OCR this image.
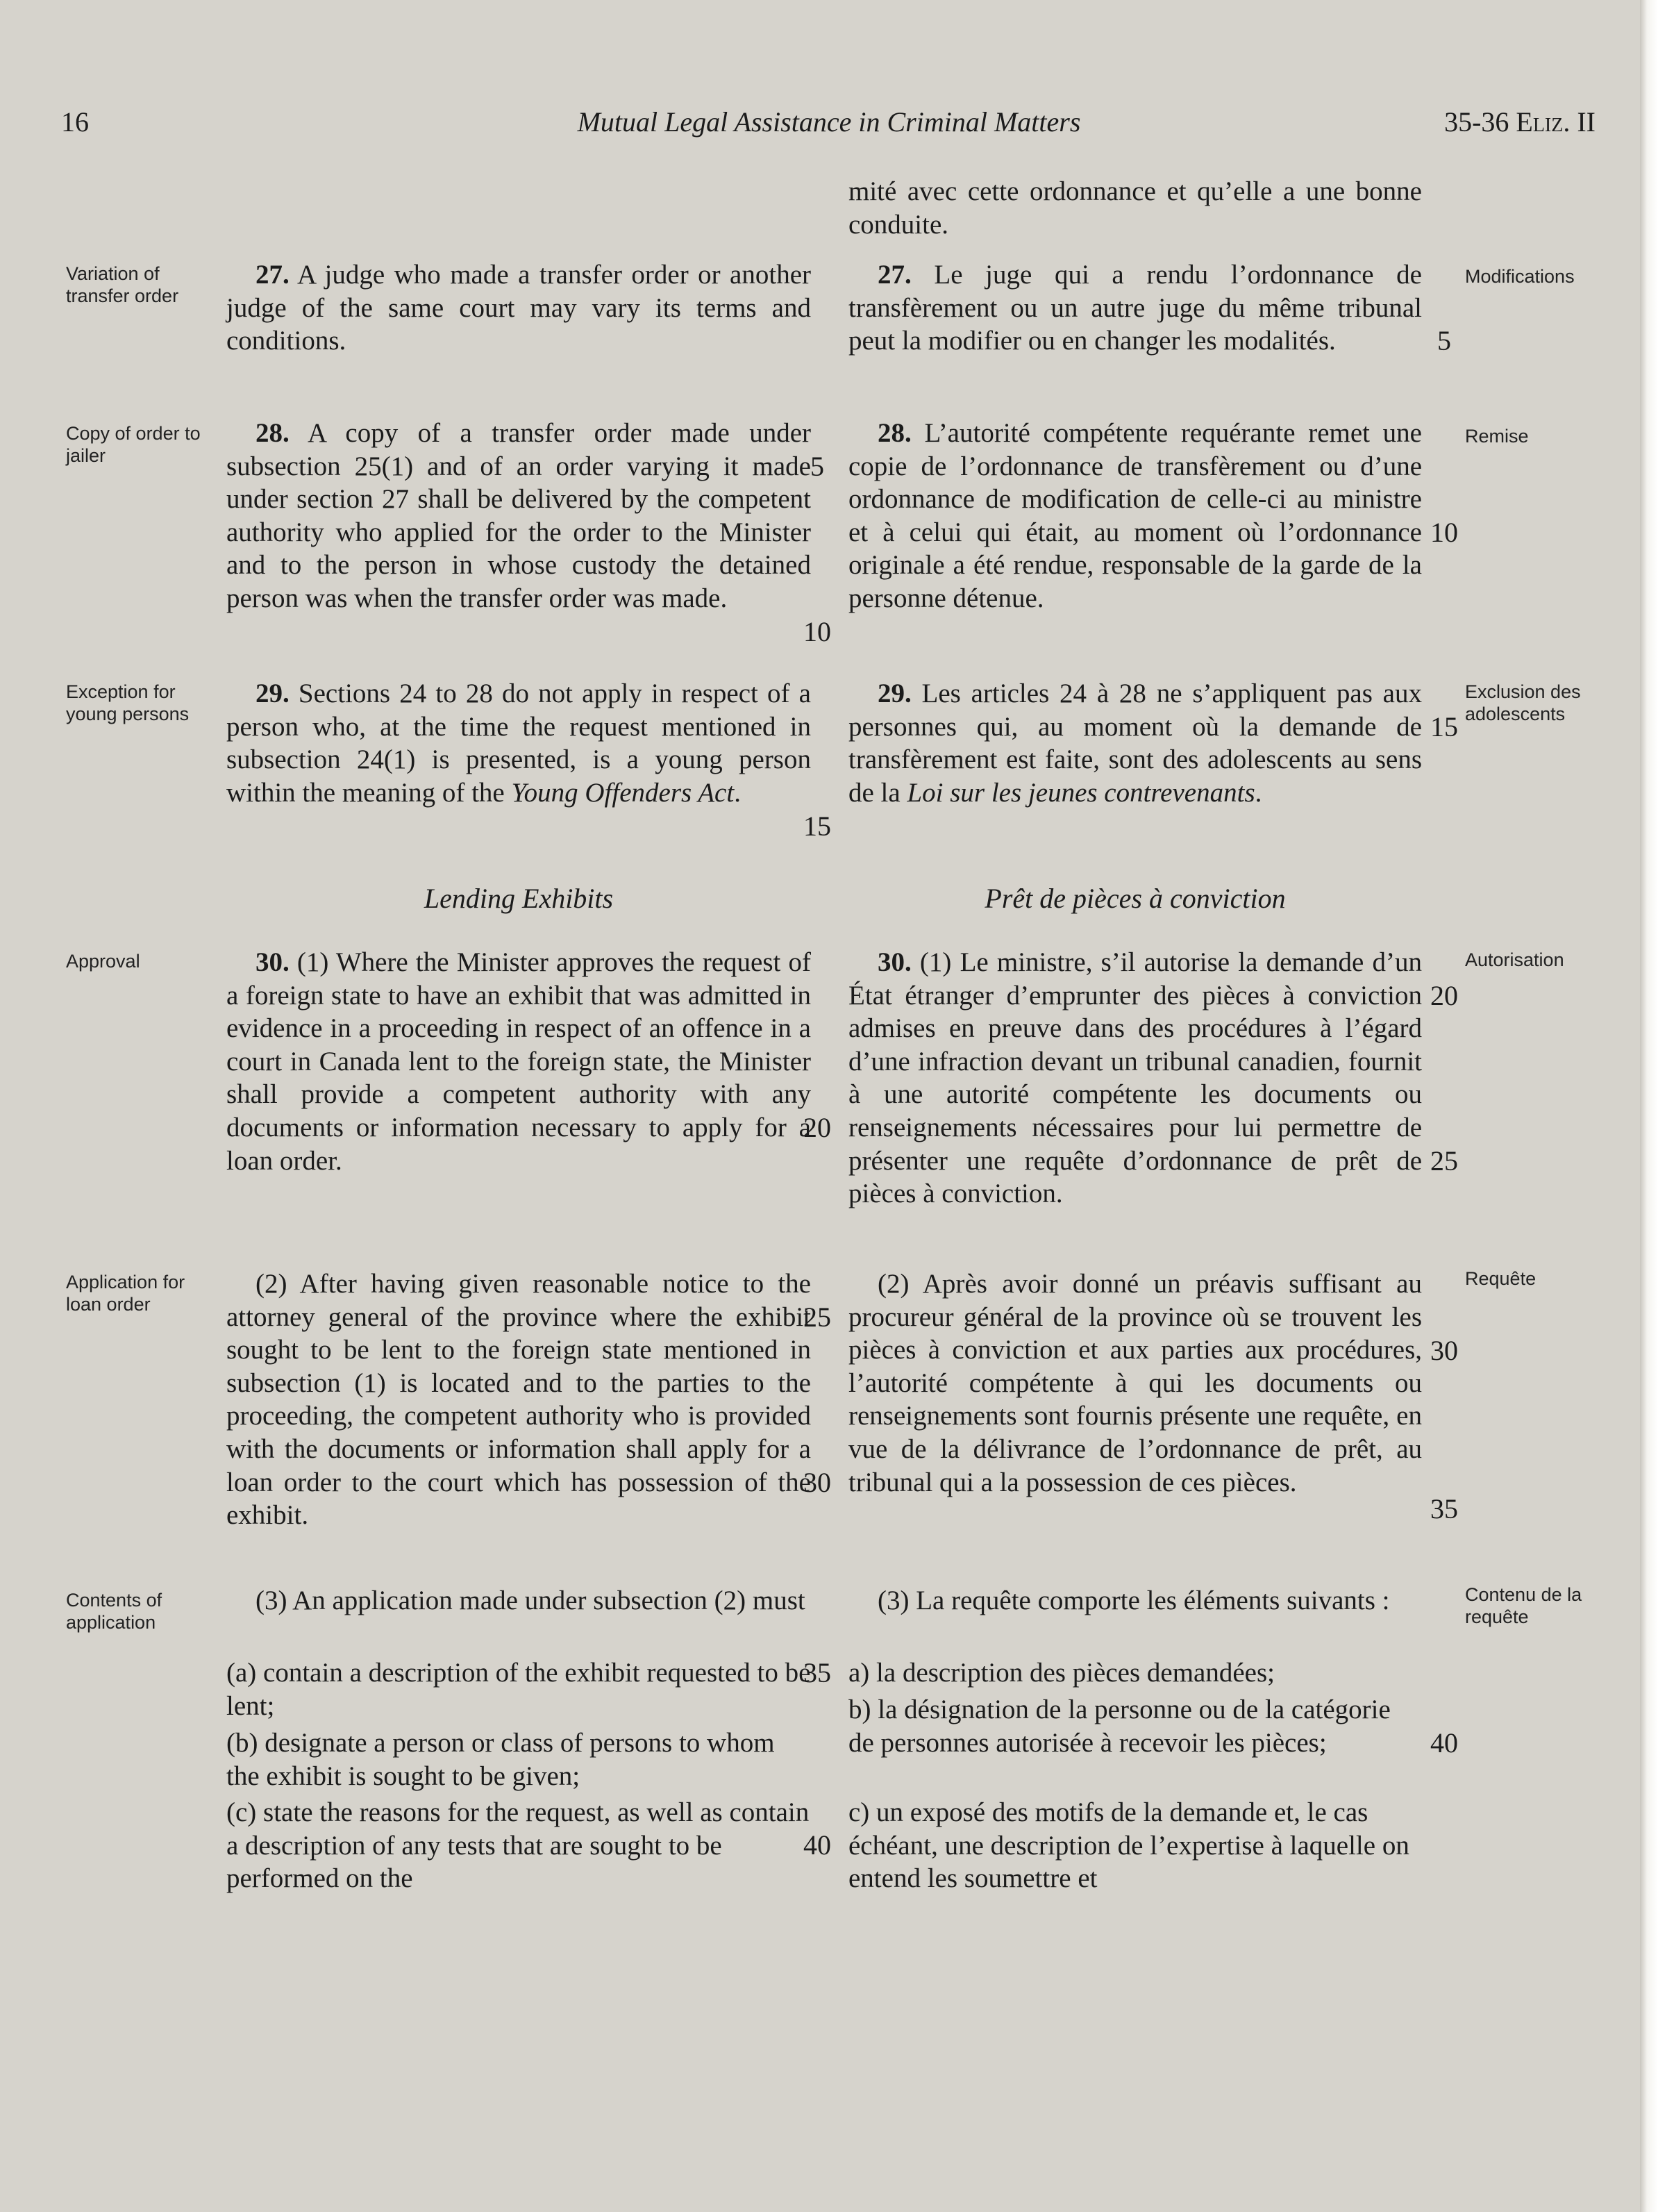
16	Mutual Legal Assistance in Criminal Matters	35-36 Eliz. II

mité avec cette ordonnance et qu’elle a une bonne conduite.

Variation of transfer order

27. A judge who made a transfer order or another judge of the same court may vary its terms and conditions.

27. Le juge qui a rendu l’ordonnance de transfèrement ou un autre juge du même tribunal peut la modifier ou en changer les modalités.

Modifications
Copy of order to jailer

28. A copy of a transfer order made under subsection 25(1) and of an order varying it made under section 27 shall be delivered by the competent authority who applied for the order to the Minister and to the person in whose custody the detained person was when the transfer order was made.

28. L’autorité compétente requérante remet une copie de l’ordonnance de transfèrement ou d’une ordonnance de modification de celle-ci au ministre et à celui qui était, au moment où l’ordonnance originale a été rendue, responsable de la garde de la personne détenue.

Remise
Exception for young persons

29. Sections 24 to 28 do not apply in respect of a person who, at the time the request mentioned in subsection 24(1) is presented, is a young person within the meaning of the Young Offenders Act.

29. Les articles 24 à 28 ne s’appliquent pas aux personnes qui, au moment où la demande de transfèrement est faite, sont des adolescents au sens de la Loi sur les jeunes contrevenants.

Exclusion des adolescents
Lending Exhibits	Prêt de pièces à conviction
Approval	30. (1) Where the Minister approves the request of a foreign state to have an exhibit that was admitted in evidence in a proceeding in respect of an offence in a court in Canada lent to the foreign state, the Minister shall provide a competent authority with any documents or information necessary to apply for a loan order.

30. (1) Le ministre, s’il autorise la demande d’un État étranger d’emprunter des pièces à conviction admises en preuve dans des procédures à l’égard d’une infraction devant un tribunal canadien, fournit à une autorité compétente les documents ou renseignements nécessaires pour lui permettre de présenter une requête d’ordonnance de prêt de pièces à conviction.

Autorisation
Application for loan order

(2) After having given reasonable notice to the attorney general of the province where the exhibit sought to be lent to the foreign state mentioned in subsection (1) is located and to the parties to the proceeding, the competent authority who is provided with the documents or information shall apply for a loan order to the court which has possession of the exhibit.

(2) Après avoir donné un préavis suffisant au procureur général de la province où se trouvent les pièces à conviction et aux parties aux procédures, l’autorité compétente à qui les documents ou renseignements sont fournis présente une requête, en vue de la délivrance de l’ordonnance de prêt, au tribunal qui a la possession de ces pièces.

Requête
Contents of application

(3) An application made under subsection (2) must	(3) La requête comporte les éléments suivants :	Contenu de la requête

(a) contain a description of the exhibit requested to be lent;

(b) designate a person or class of persons to whom the exhibit is sought to be given;

(c) state the reasons for the request, as well as contain a description of any tests that are sought to be performed on the

a) la description des pièces demandées;

b) la désignation de la personne ou de la catégorie de personnes autorisée à recevoir les pièces;

c) un exposé des motifs de la demande et, le cas échéant, une description de l’expertise à laquelle on entend les soumettre et

5
10
15
20
25
30
35
40
5
10
15
20
25
30
35
40
